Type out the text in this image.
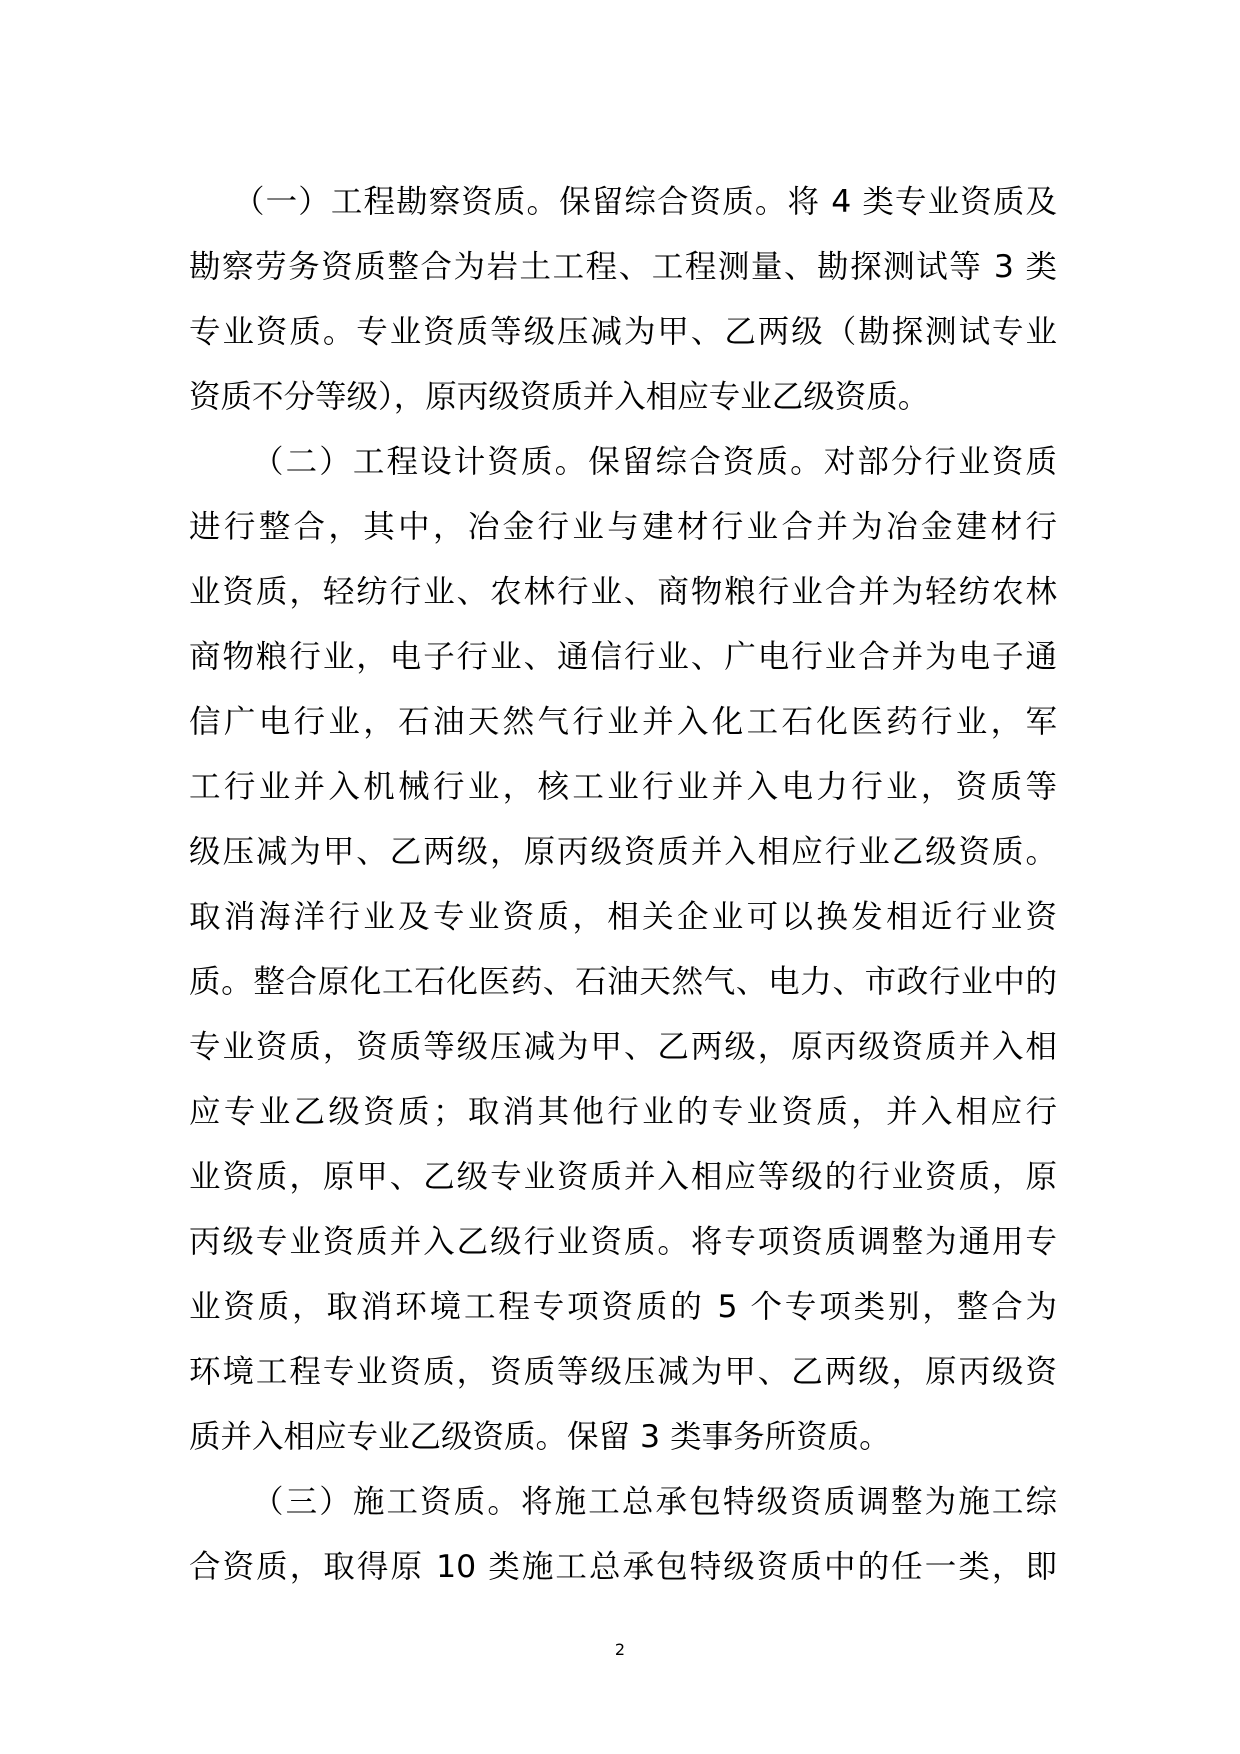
（一）工程勘察资质。保留综合资质。将 4 类专业资质及
勘察劳务资质整合为岩土工程、工程测量、勘探测试等 3 类
专业资质。专业资质等级压减为甲、乙两级（勘探测试专业
资质不分等级），原丙级资质并入相应专业乙级资质。
（二）工程设计资质。保留综合资质。对部分行业资质
进行整合，其中，冶金行业与建材行业合并为冶金建材行
业资质，轻纺行业、农林行业、商物粮行业合并为轻纺农林
商物粮行业，电子行业、通信行业、广电行业合并为电子通
信广电行业，石油天然气行业并入化工石化医药行业，军
工行业并入机械行业，核工业行业并入电力行业，资质等
级压减为甲、乙两级，原丙级资质并入相应行业乙级资质。
取消海洋行业及专业资质，相关企业可以换发相近行业资
质。整合原化工石化医药、石油天然气、电力、市政行业中的
专业资质，资质等级压减为甲、乙两级，原丙级资质并入相
应专业乙级资质；取消其他行业的专业资质，并入相应行
业资质，原甲、乙级专业资质并入相应等级的行业资质，原
丙级专业资质并入乙级行业资质。将专项资质调整为通用专
业资质，取消环境工程专项资质的 5 个专项类别，整合为
环境工程专业资质，资质等级压减为甲、乙两级，原丙级资
质并入相应专业乙级资质。保留 3 类事务所资质。
（三）施工资质。将施工总承包特级资质调整为施工综
合资质，取得原 10 类施工总承包特级资质中的任一类，即
2
